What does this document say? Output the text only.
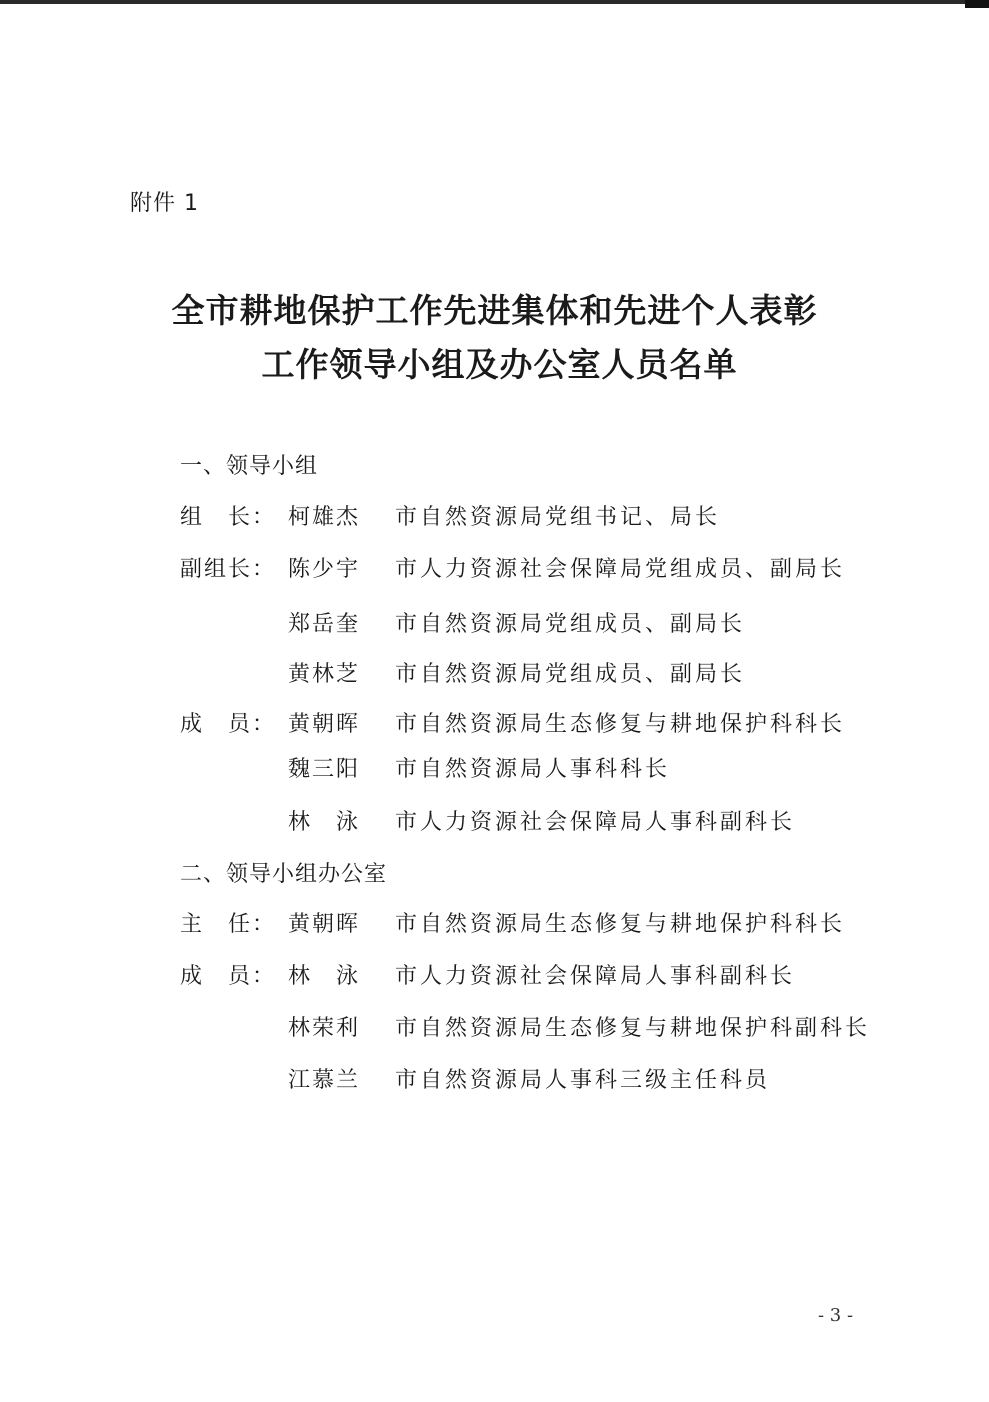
附件 1
全市耕地保护工作先进集体和先进个人表彰
工作领导小组及办公室人员名单
一、领导小组
组　长： 柯雄杰	市自然资源局党组书记、局长
副组长： 陈少宇	市人力资源社会保障局党组成员、副局长
郑岳奎	市自然资源局党组成员、副局长
黄林芝	市自然资源局党组成员、副局长
成　员： 黄朝晖	市自然资源局生态修复与耕地保护科科长
魏三阳	市自然资源局人事科科长
林　泳	市人力资源社会保障局人事科副科长
二、领导小组办公室
主　任： 黄朝晖	市自然资源局生态修复与耕地保护科科长
成　员： 林　泳	市人力资源社会保障局人事科副科长
林荣利	市自然资源局生态修复与耕地保护科副科长
江慕兰	市自然资源局人事科三级主任科员
- 3 -
